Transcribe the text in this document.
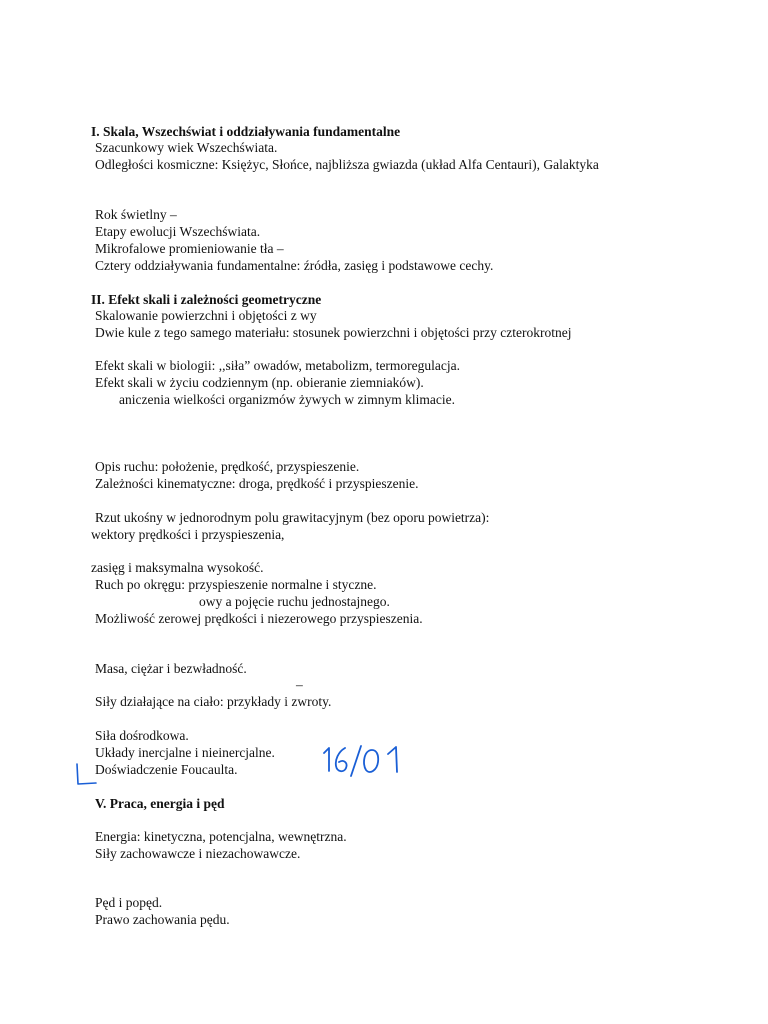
I. Skala, Wszechświat i oddziaływania fundamentalne
Szacunkowy wiek Wszechświata.
Odległości kosmiczne: Księżyc, Słońce, najbliższa gwiazda (układ Alfa Centauri), Galaktyka
Rok świetlny –
Etapy ewolucji Wszechświata.
Mikrofalowe promieniowanie tła –
Cztery oddziaływania fundamentalne: źródła, zasięg i podstawowe cechy.
II. Efekt skali i zależności geometryczne
Skalowanie powierzchni i objętości z wy
Dwie kule z tego samego materiału: stosunek powierzchni i objętości przy czterokrotnej
Efekt skali w biologii: ,,siła” owadów, metabolizm, termoregulacja.
Efekt skali w życiu codziennym (np. obieranie ziemniaków).
aniczenia wielkości organizmów żywych w zimnym klimacie.
Opis ruchu: położenie, prędkość, przyspieszenie.
Zależności kinematyczne: droga, prędkość i przyspieszenie.
Rzut ukośny w jednorodnym polu grawitacyjnym (bez oporu powietrza):
wektory prędkości i przyspieszenia,
zasięg i maksymalna wysokość.
Ruch po okręgu: przyspieszenie normalne i styczne.
owy a pojęcie ruchu jednostajnego.
Możliwość zerowej prędkości i niezerowego przyspieszenia.
Masa, ciężar i bezwładność.
–
Siły działające na ciało: przykłady i zwroty.
Siła dośrodkowa.
Układy inercjalne i nieinercjalne.
Doświadczenie Foucaulta.
V. Praca, energia i pęd
Energia: kinetyczna, potencjalna, wewnętrzna.
Siły zachowawcze i niezachowawcze.
Pęd i popęd.
Prawo zachowania pędu.
